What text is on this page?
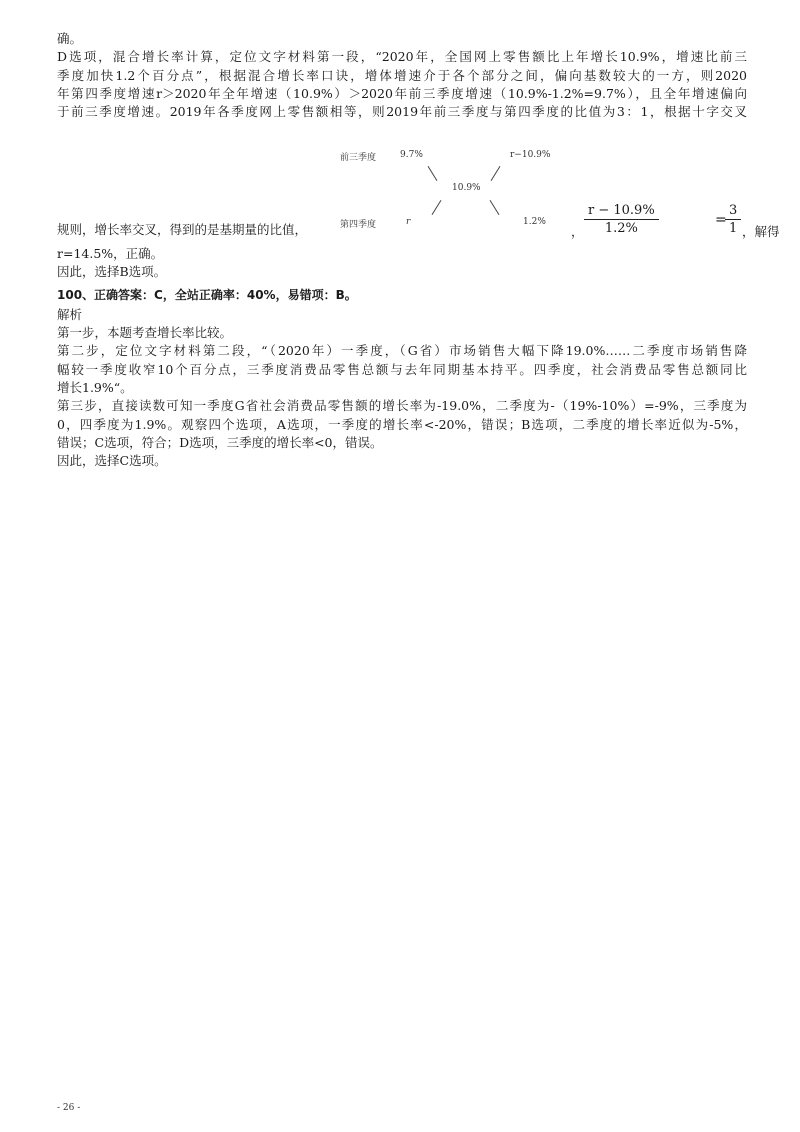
确。
D选项，混合增长率计算，定位文字材料第一段，“2020年，全国网上零售额比上年增长10.9%，增速比前三
季度加快1.2个百分点”，根据混合增长率口诀，增体增速介于各个部分之间，偏向基数较大的一方，则2020
年第四季度增速r＞2020年全年增速（10.9%）＞2020年前三季度增速（10.9%-1.2%=9.7%），且全年增速偏向
于前三季度增速。2019年各季度网上零售额相等，则2019年前三季度与第四季度的比值为3：1，根据十字交叉
前三季度	9.7%	r−10.9%
10.9%
第四季度	r	1.2%
规则，增长率交叉，得到的是基期量的比值，	， $\frac{r - 10.9\%}{1.2\%}$	=
$\frac{3}{1}$ ，解得
r=14.5%，正确。
因此，选择B选项。
100、正确答案：C，全站正确率：40%，易错项：B。
解析
第一步，本题考查增长率比较。
第二步，定位文字材料第二段，“（2020年）一季度，（G省）市场销售大幅下降19.0%……二季度市场销售降
幅较一季度收窄10个百分点，三季度消费品零售总额与去年同期基本持平。四季度，社会消费品零售总额同比
增长1.9%“。
第三步，直接读数可知一季度G省社会消费品零售额的增长率为-19.0%，二季度为-（19%-10%）=-9%，三季度为
0，四季度为1.9%。观察四个选项，A选项，一季度的增长率<-20%，错误；B选项，二季度的增长率近似为-5%，
错误；C选项，符合；D选项，三季度的增长率<0，错误。
因此，选择C选项。
- 26 -
